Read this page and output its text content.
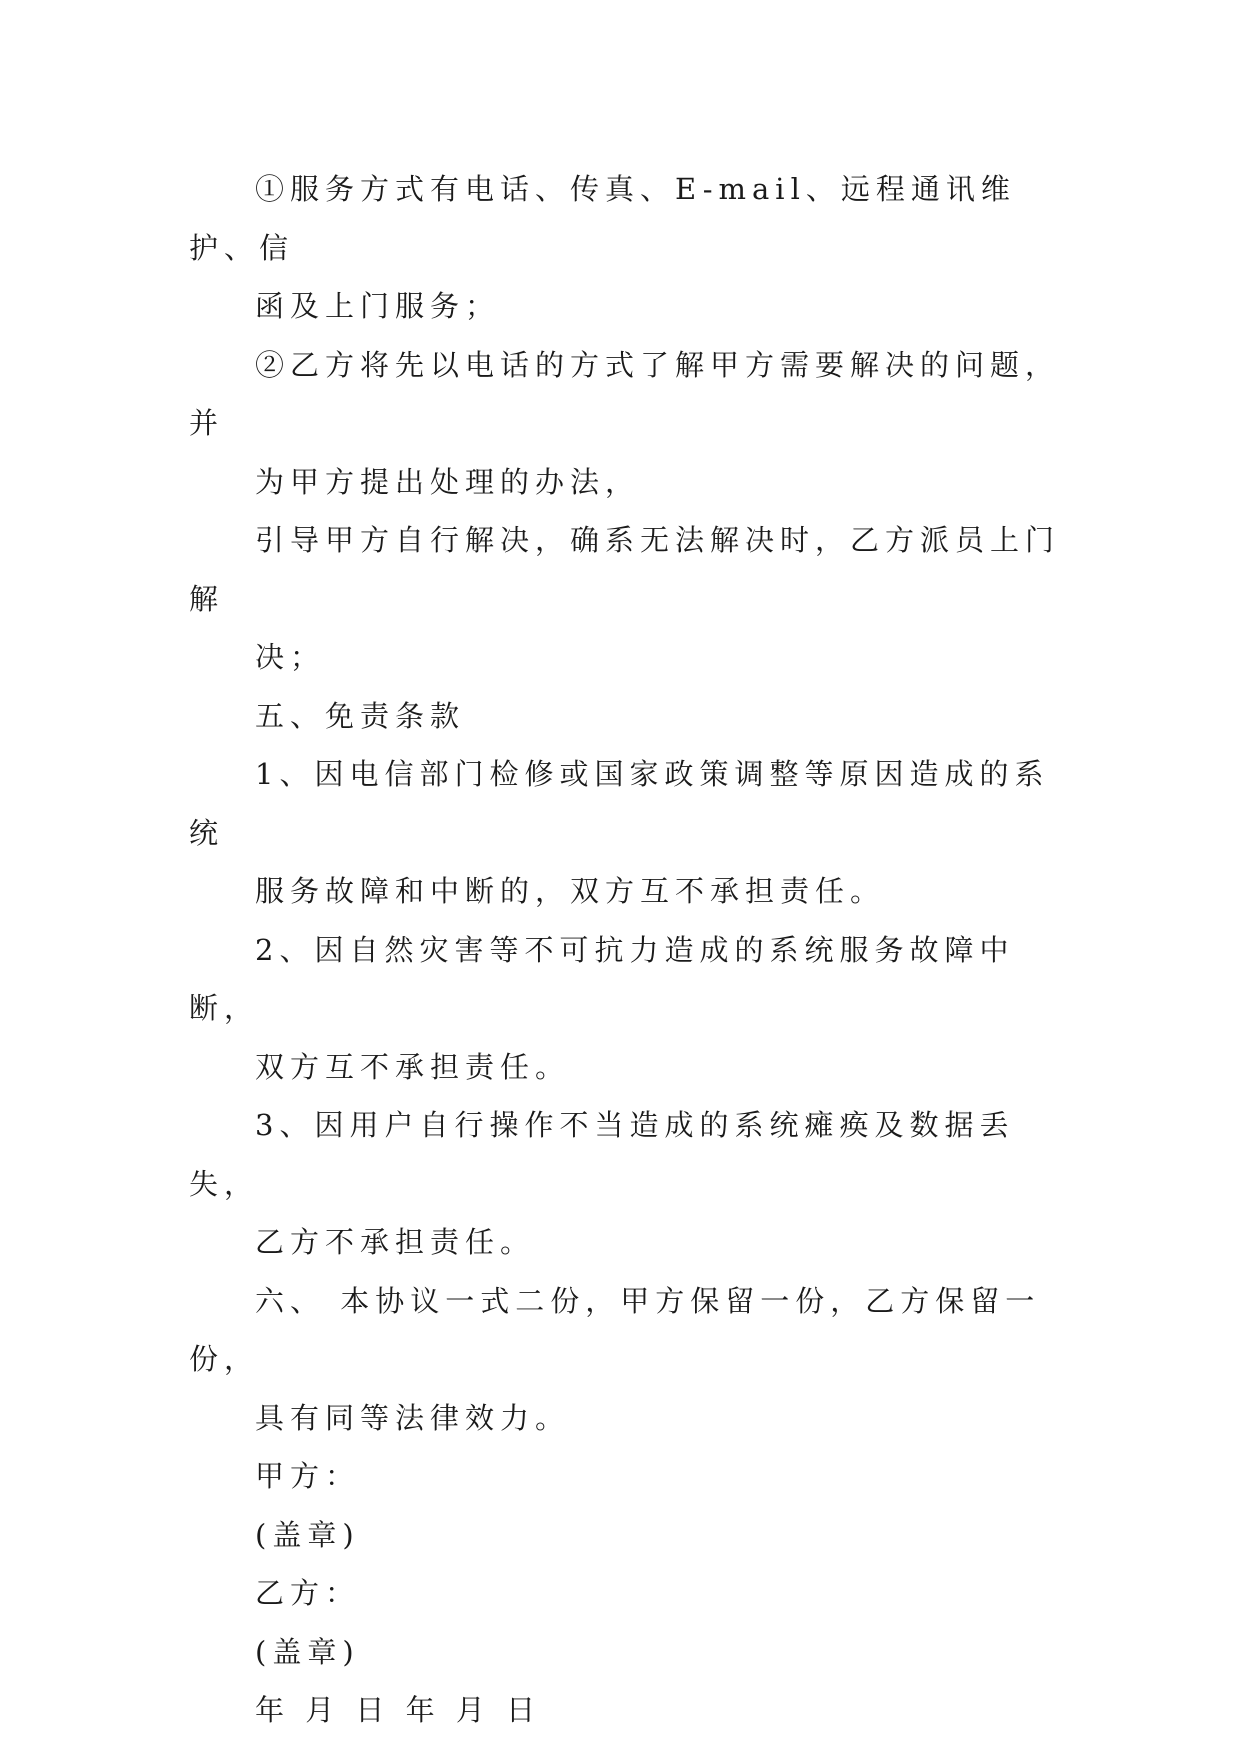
①服务方式有电话、传真、E-mail、远程通讯维护、信
函及上门服务；

②乙方将先以电话的方式了解甲方需要解决的问题，并
为甲方提出处理的办法，

引导甲方自行解决，确系无法解决时，乙方派员上门解
决；

五、免责条款

1、因电信部门检修或国家政策调整等原因造成的系统
服务故障和中断的，双方互不承担责任。

2、因自然灾害等不可抗力造成的系统服务故障中断，
双方互不承担责任。

3、因用户自行操作不当造成的系统瘫痪及数据丢失，
乙方不承担责任。

六、 本协议一式二份，甲方保留一份，乙方保留一份，
具有同等法律效力。

甲方：

(盖章)

乙方：

(盖章)

年 月 日 年 月 日
